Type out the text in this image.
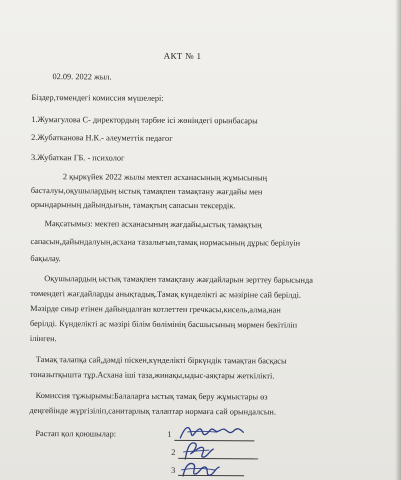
АКТ № 1
02.09. 2022 жыл.
Біздер,төмендегі комиссия мүшелері:
1.Жумагулова С- директордың тәрбие ісі жөніндегі орынбасары
2.Жубатканова Н.К.- әлеуметтік педагог
3.Жубаткан ГБ. - психолог
2 қыркүйек 2022 жылы мектеп асханасының жұмысының
басталуы,оқушылардың ыстық тамақпен тамақтану жағдайы мен
орындарының дайындығын, тамақтың сапасын тексердік.
Мақсатымыз: мектеп асханасының жағдайы,ыстық тамақтың
сапасын,дайындалуын,асхана тазалығын,тамақ нормасының дұрыс берілуін
бақылау.
Оқушылардың ыстық тамақпен тамақтану жағдайларын зерттеу барысында
төмендегі жағдайларды анықтадық.Тамақ күнделікті ас мәзіріне сай берілді.
Мәзірде сиыр етінен дайындалған котлеттен гречкасы,кисель,алма,нан
берілді. Күнделікті ас мәзірі білім бөлімінің басшысының мөрмен бекітіліп
ілінген.
Тамақ талапқа сай,дәмді піскен,күнделікті біркүндік тамақтан басқасы
тоназытқышта тұр.Асхана іші таза,жинақы,ыдыс-аяқтары жеткілікті.
Комиссия тұжырымы:Балаларға ыстық тамақ беру жұмыстары өз
деңгейінде жүргізіліп,санитарлық талаптар нормаға сай орындалсын.
Растап қол қоюшылар:	1
2
3
